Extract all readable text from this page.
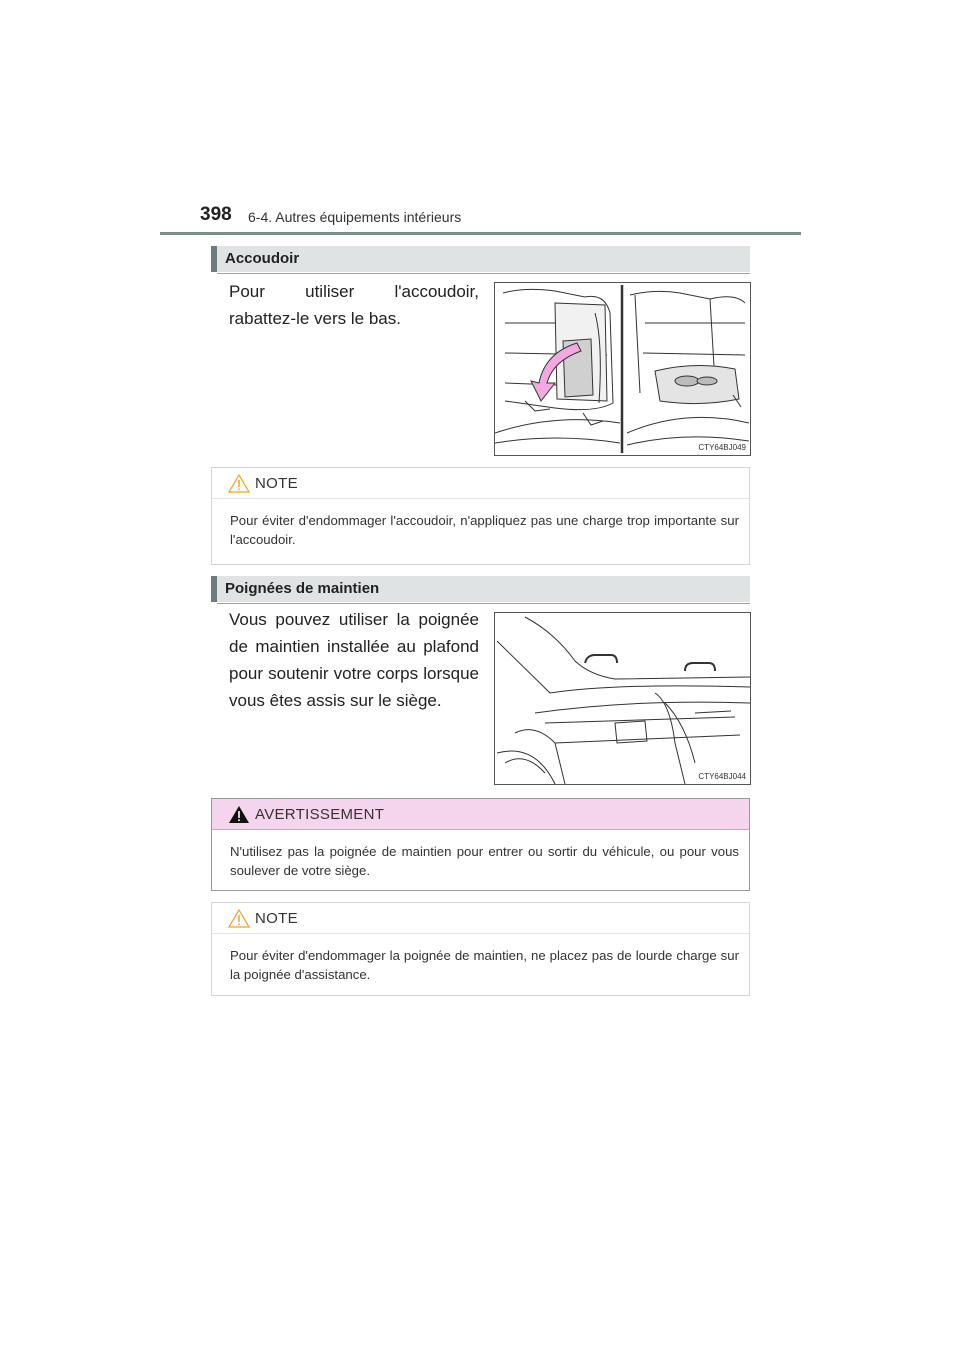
398 6-4. Autres équipements intérieurs
Accoudoir
Pour utiliser l'accoudoir, rabattez-le vers le bas.
CTY64BJ049
NOTE
Pour éviter d'endommager l'accoudoir, n'appliquez pas une charge trop importante sur l'accoudoir.
Poignées de maintien
Vous pouvez utiliser la poignée de maintien installée au plafond pour soutenir votre corps lorsque vous êtes assis sur le siège.
CTY64BJ044
AVERTISSEMENT
N'utilisez pas la poignée de maintien pour entrer ou sortir du véhicule, ou pour vous soulever de votre siège.
NOTE
Pour éviter d'endommager la poignée de maintien, ne placez pas de lourde charge sur la poignée d'assistance.
